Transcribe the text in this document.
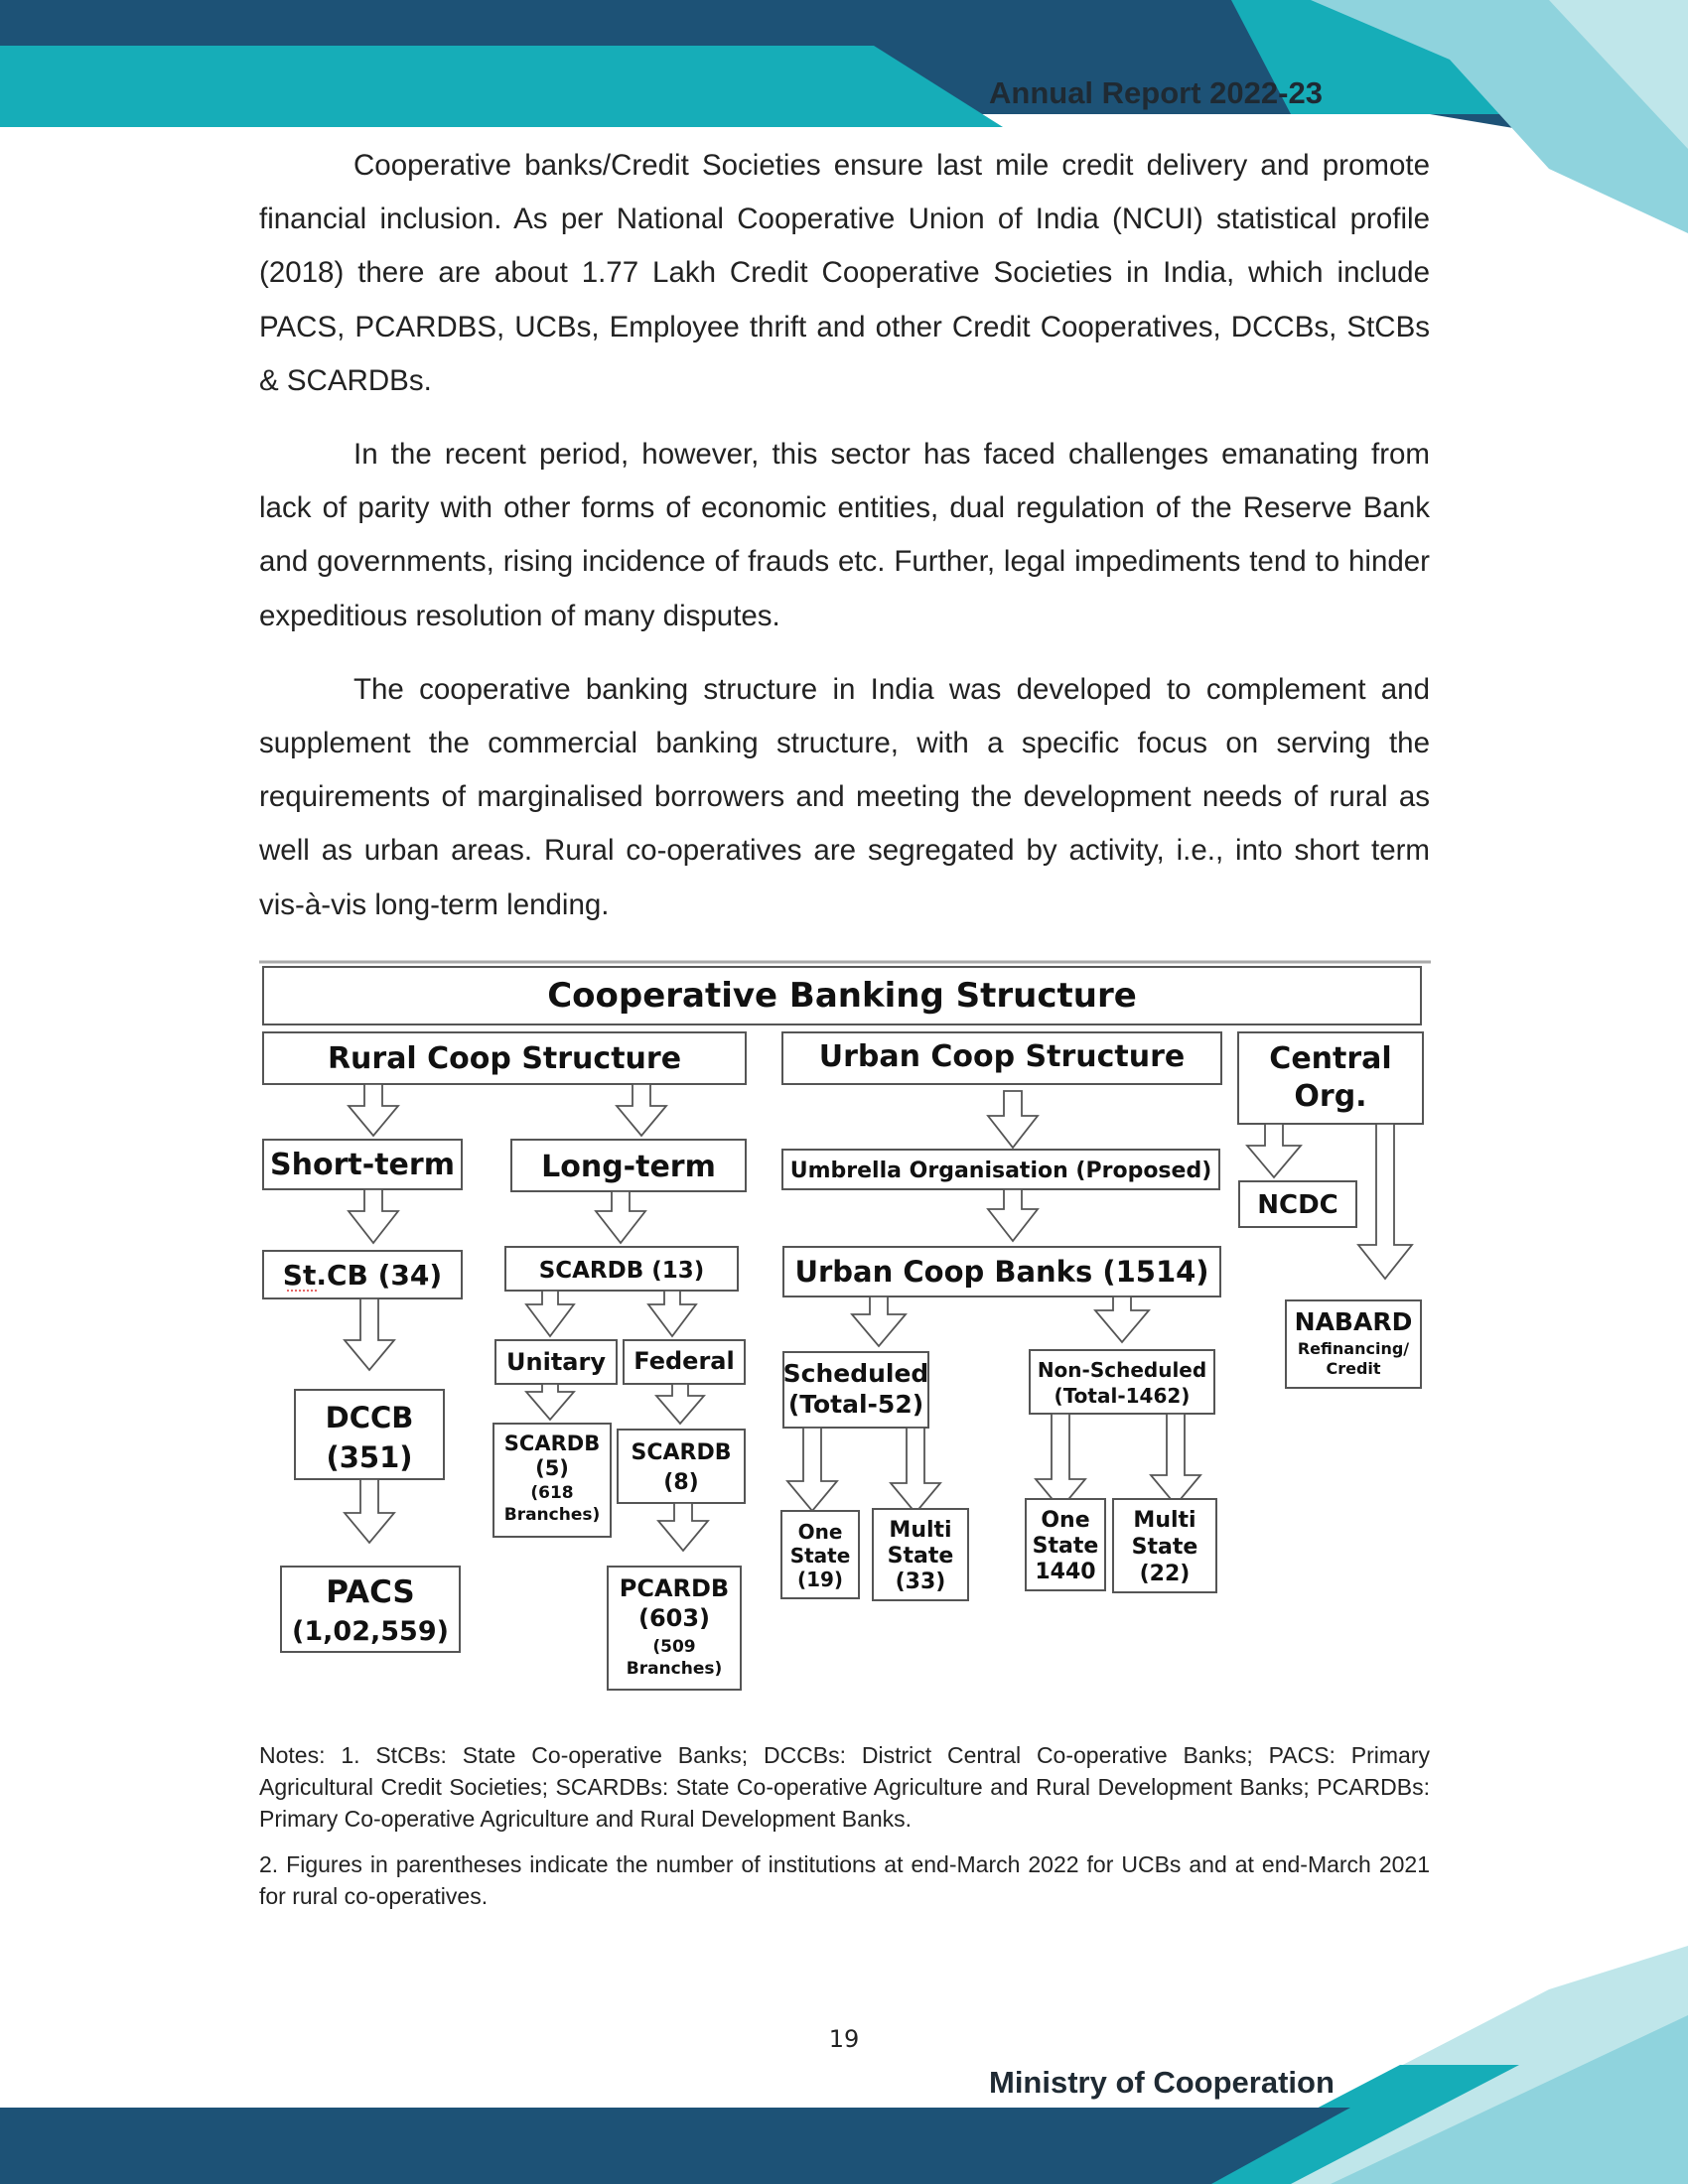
Annual Report 2022-23

Cooperative banks/Credit Societies ensure last mile credit delivery and promote financial inclusion. As per National Cooperative Union of India (NCUI) statistical profile (2018) there are about 1.77 Lakh Credit Cooperative Societies in India, which include PACS, PCARDBS, UCBs, Employee thrift and other Credit Cooperatives, DCCBs, StCBs & SCARDBs.

In the recent period, however, this sector has faced challenges emanating from lack of parity with other forms of economic entities, dual regulation of the Reserve Bank and governments, rising incidence of frauds etc. Further, legal impediments tend to hinder expeditious resolution of many disputes.

The cooperative banking structure in India was developed to complement and supplement the commercial banking structure, with a specific focus on serving the requirements of marginalised borrowers and meeting the development needs of rural as well as urban areas. Rural co-operatives are segregated by activity, i.e., into short term vis-à-vis long-term lending.

Cooperative Banking Structure
Rural Coop Structure	Urban Coop Structure	Central
Org.
Short-term	Long-term	Umbrella Organisation (Proposed)
NCDC
St.CB (34)	SCARDB (13)	Urban Coop Banks (1514)
NABARD
Refinancing/
Credit
Unitary Federal Scheduled
(Total-52)
Non-Scheduled
(Total-1462)
DCCB
(351)	SCARDB
(5)
(618
Branches)
SCARDB
(8)
One
State
(19)
Multi
State
(33)
One
State
1440
Multi
State
(22)
PACS
(1,02,559)
PCARDB
(603)
(509
Branches)

Notes: 1. StCBs: State Co-operative Banks; DCCBs: District Central Co-operative Banks; PACS: Primary Agricultural Credit Societies; SCARDBs: State Co-operative Agriculture and Rural Development Banks; PCARDBs: Primary Co-operative Agriculture and Rural Development Banks.

2. Figures in parentheses indicate the number of institutions at end-March 2022 for UCBs and at end-March 2021 for rural co-operatives.

19
Ministry of Cooperation
